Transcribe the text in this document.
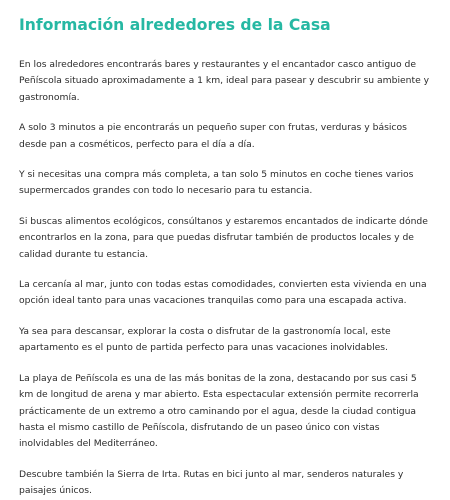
Información alrededores de la Casa

En los alrededores encontrarás bares y restaurantes y el encantador casco antiguo de Peñíscola situado aproximadamente a 1 km, ideal para pasear y descubrir su ambiente y gastronomía.

A solo 3 minutos a pie encontrarás un pequeño super con frutas, verduras y básicos desde pan a cosméticos, perfecto para el día a día.

Y si necesitas una compra más completa, a tan solo 5 minutos en coche tienes varios supermercados grandes con todo lo necesario para tu estancia.

Si buscas alimentos ecológicos, consúltanos y estaremos encantados de indicarte dónde encontrarlos en la zona, para que puedas disfrutar también de productos locales y de calidad durante tu estancia.

La cercanía al mar, junto con todas estas comodidades, convierten esta vivienda en una opción ideal tanto para unas vacaciones tranquilas como para una escapada activa.

Ya sea para descansar, explorar la costa o disfrutar de la gastronomía local, este apartamento es el punto de partida perfecto para unas vacaciones inolvidables.

La playa de Peñíscola es una de las más bonitas de la zona, destacando por sus casi 5 km de longitud de arena y mar abierto. Esta espectacular extensión permite recorrerla prácticamente de un extremo a otro caminando por el agua, desde la ciudad contigua hasta el mismo castillo de Peñíscola, disfrutando de un paseo único con vistas inolvidables del Mediterráneo.

Descubre también la Sierra de Irta. Rutas en bici junto al mar, senderos naturales y paisajes únicos.
